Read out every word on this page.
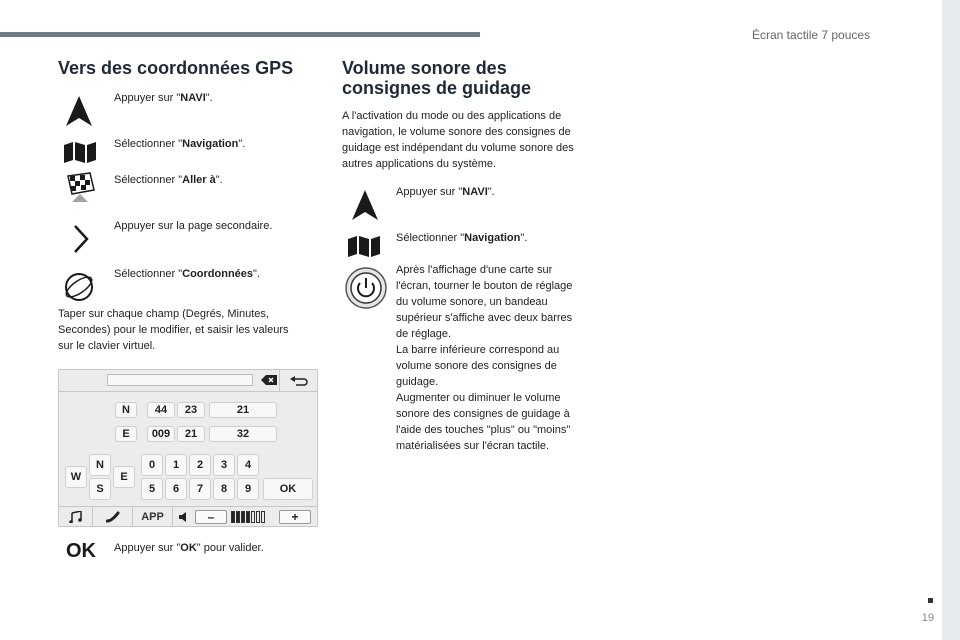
Écran tactile 7 pouces
Vers des coordonnées GPS
Appuyer sur "NAVI".
Sélectionner "Navigation".
Sélectionner "Aller à".
Appuyer sur la page secondaire.
Sélectionner "Coordonnées".
Taper sur chaque champ (Degrés, Minutes,
Secondes) pour le modifier, et saisir les valeurs
sur le clavier virtuel.
N	44	23	21
E	009	21	32
N
W	E
S
0	1	2	3	4
5	6	7	8	9	OK
APP	–	+
OK Appuyer sur "OK" pour valider.
Volume sonore des
consignes de guidage
A l'activation du mode ou des applications de
navigation, le volume sonore des consignes de
guidage est indépendant du volume sonore des
autres applications du système.
Appuyer sur "NAVI".
Sélectionner "Navigation".
Après l'affichage d'une carte sur
l'écran, tourner le bouton de réglage
du volume sonore, un bandeau
supérieur s'affiche avec deux barres
de réglage.
La barre inférieure correspond au
volume sonore des consignes de
guidage.
Augmenter ou diminuer le volume
sonore des consignes de guidage à
l'aide des touches "plus" ou "moins"
matérialisées sur l'écran tactile.
19
